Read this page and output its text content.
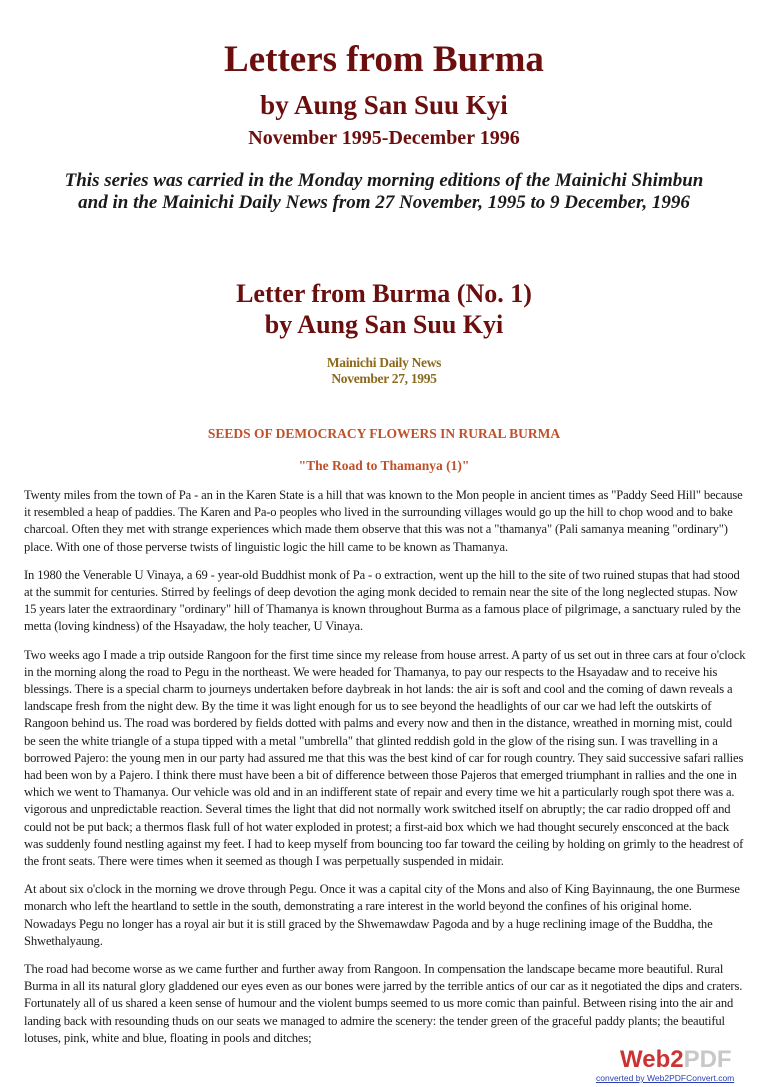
Letters from Burma
by Aung San Suu Kyi
November 1995-December 1996
This series was carried in the Monday morning editions of the Mainichi Shimbun
and in the Mainichi Daily News from 27 November, 1995 to 9 December, 1996
Letter from Burma (No. 1)
by Aung San Suu Kyi
Mainichi Daily News
November 27, 1995
SEEDS OF DEMOCRACY FLOWERS IN RURAL BURMA
"The Road to Thamanya (1)"

Twenty miles from the town of Pa - an in the Karen State is a hill that was known to the Mon people in ancient times as "Paddy Seed Hill" because it resembled a heap of paddies. The Karen and Pa-o peoples who lived in the surrounding villages would go up the hill to chop wood and to bake charcoal. Often they met with strange experiences which made them observe that this was not a "thamanya" (Pali samanya meaning "ordinary") place. With one of those perverse twists of linguistic logic the hill came to be known as Thamanya.

In 1980 the Venerable U Vinaya, a 69 - year-old Buddhist monk of Pa - o extraction, went up the hill to the site of two ruined stupas that had stood at the summit for centuries. Stirred by feelings of deep devotion the aging monk decided to remain near the site of the long neglected stupas. Now 15 years later the extraordinary "ordinary" hill of Thamanya is known throughout Burma as a famous place of pilgrimage, a sanctuary ruled by the metta (loving kindness) of the Hsayadaw, the holy teacher, U Vinaya.

Two weeks ago I made a trip outside Rangoon for the first time since my release from house arrest. A party of us set out in three cars at four o'clock in the morning along the road to Pegu in the northeast. We were headed for Thamanya, to pay our respects to the Hsayadaw and to receive his blessings. There is a special charm to journeys undertaken before daybreak in hot lands: the air is soft and cool and the coming of dawn reveals a landscape fresh from the night dew. By the time it was light enough for us to see beyond the headlights of our car we had left the outskirts of Rangoon behind us. The road was bordered by fields dotted with palms and every now and then in the distance, wreathed in morning mist, could be seen the white triangle of a stupa tipped with a metal "umbrella" that glinted reddish gold in the glow of the rising sun. I was travelling in a borrowed Pajero: the young men in our party had assured me that this was the best kind of car for rough country. They said successive safari rallies had been won by a Pajero. I think there must have been a bit of difference between those Pajeros that emerged triumphant in rallies and the one in which we went to Thamanya. Our vehicle was old and in an indifferent state of repair and every time we hit a particularly rough spot there was a. vigorous and unpredictable reaction. Several times the light that did not normally work switched itself on abruptly; the car radio dropped off and could not be put back; a thermos flask full of hot water exploded in protest; a first-aid box which we had thought securely ensconced at the back was suddenly found nestling against my feet. I had to keep myself from bouncing too far toward the ceiling by holding on grimly to the headrest of the front seats. There were times when it seemed as though I was perpetually suspended in midair.

At about six o'clock in the morning we drove through Pegu. Once it was a capital city of the Mons and also of King Bayinnaung, the one Burmese monarch who left the heartland to settle in the south, demonstrating a rare interest in the world beyond the confines of his original home. Nowadays Pegu no longer has a royal air but it is still graced by the Shwemawdaw Pagoda and by a huge reclining image of the Buddha, the Shwethalyaung.

The road had become worse as we came further and further away from Rangoon. In compensation the landscape became more beautiful. Rural Burma in all its natural glory gladdened our eyes even as our bones were jarred by the terrible antics of our car as it negotiated the dips and craters. Fortunately all of us shared a keen sense of humour and the violent bumps seemed to us more comic than painful. Between rising into the air and landing back with resounding thuds on our seats we managed to admire the scenery: the tender green of the graceful paddy plants; the beautiful lotuses, pink, white and blue, floating in pools and ditches;

Web2PDF
converted by Web2PDFConvert.com
